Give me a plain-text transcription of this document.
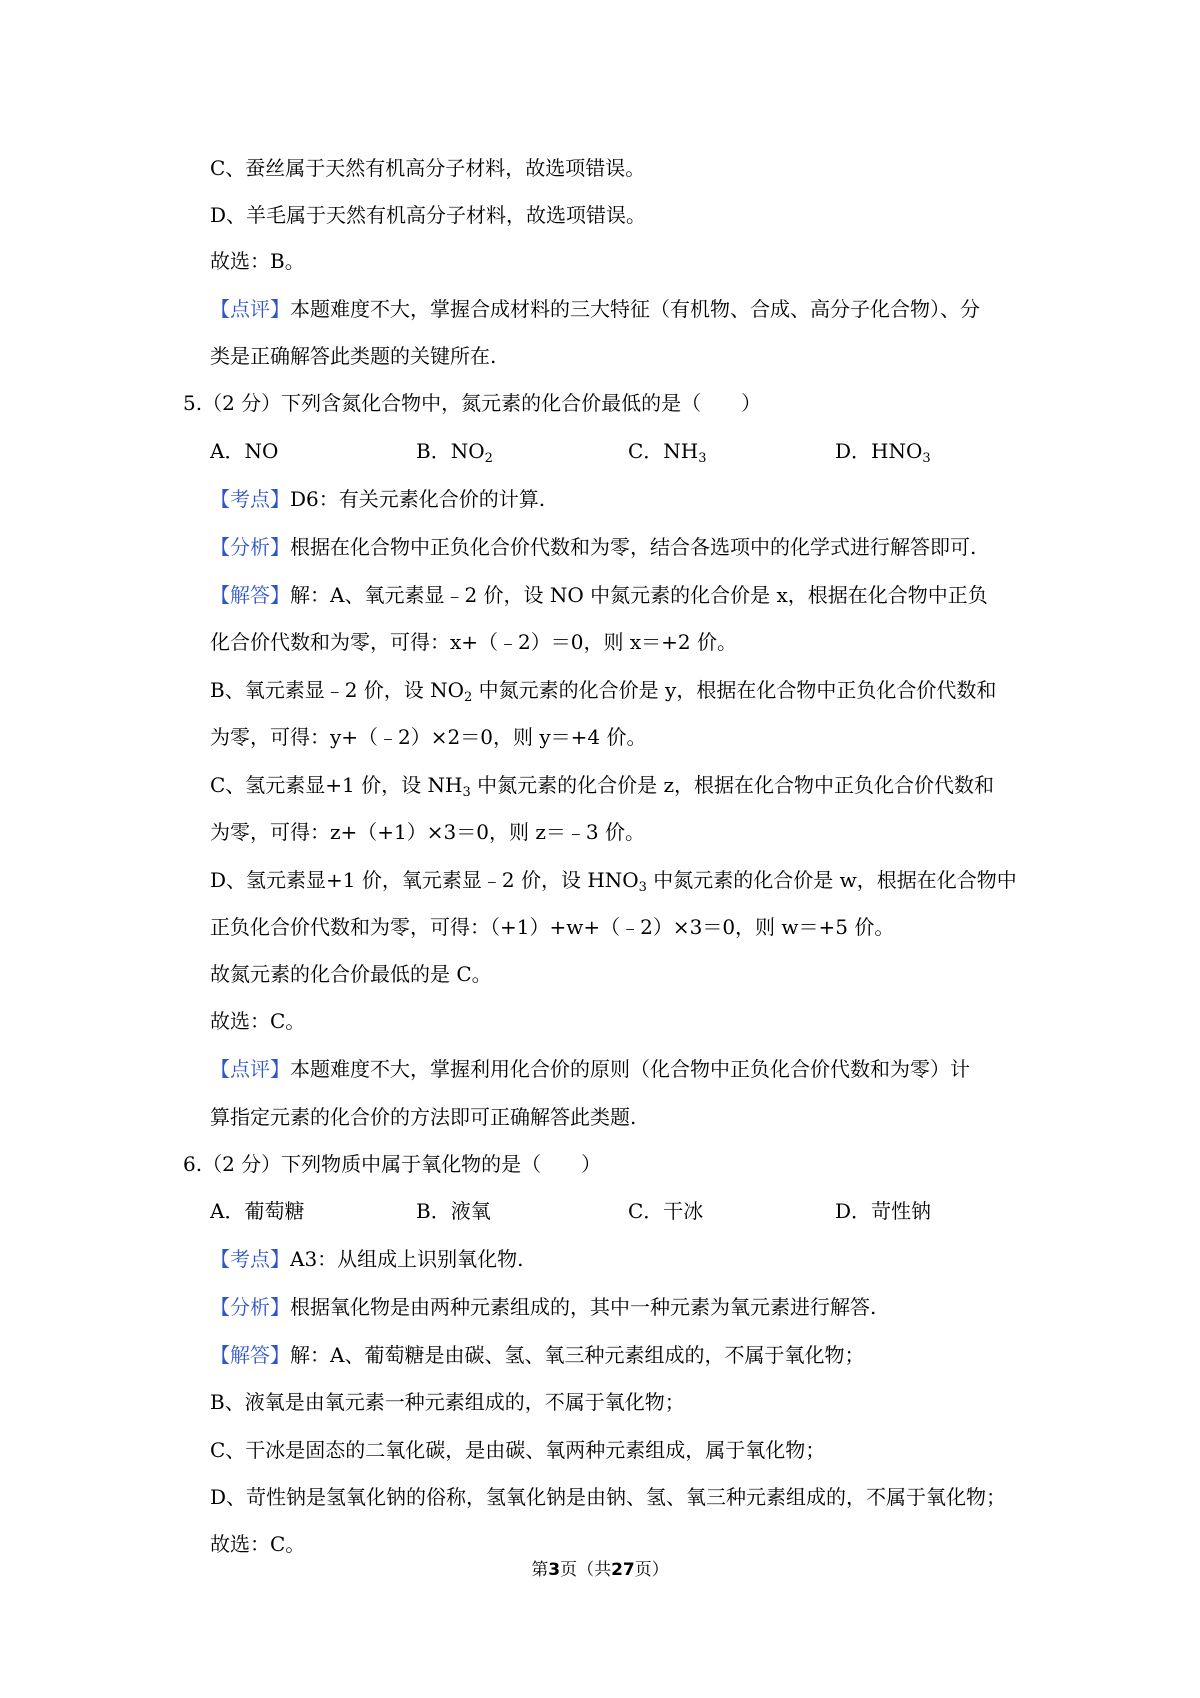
C、蚕丝属于天然有机高分子材料，故选项错误。
D、羊毛属于天然有机高分子材料，故选项错误。
故选：B。
【点评】本题难度不大，掌握合成材料的三大特征（有机物、合成、高分子化合物）、分
类是正确解答此类题的关键所在.
5.（2 分）下列含氮化合物中，氮元素的化合价最低的是（　　）
A．NO	B．$NO_2$	C．$NH_3$	D．$HNO_3$
【考点】D6：有关元素化合价的计算.
【分析】根据在化合物中正负化合价代数和为零，结合各选项中的化学式进行解答即可.
【解答】解：A、氧元素显﹣2 价，设 NO 中氮元素的化合价是 x，根据在化合物中正负
化合价代数和为零，可得：x+（﹣2）＝0，则 x＝+2 价。
B、氧元素显﹣2 价，设 $NO_2$ 中氮元素的化合价是 y，根据在化合物中正负化合价代数和
为零，可得：y+（﹣2）×2＝0，则 y＝+4 价。
C、氢元素显+1 价，设 $NH_3$ 中氮元素的化合价是 z，根据在化合物中正负化合价代数和
为零，可得：z+（+1）×3＝0，则 z＝﹣3 价。
D、氢元素显+1 价，氧元素显﹣2 价，设 $HNO_3$ 中氮元素的化合价是 w，根据在化合物中
正负化合价代数和为零，可得：（+1）+w+（﹣2）×3＝0，则 w＝+5 价。
故氮元素的化合价最低的是 C。
故选：C。
【点评】本题难度不大，掌握利用化合价的原则（化合物中正负化合价代数和为零）计
算指定元素的化合价的方法即可正确解答此类题.
6.（2 分）下列物质中属于氧化物的是（　　）
A．葡萄糖	B．液氧	C．干冰	D．苛性钠
【考点】A3：从组成上识别氧化物.
【分析】根据氧化物是由两种元素组成的，其中一种元素为氧元素进行解答.
【解答】解：A、葡萄糖是由碳、氢、氧三种元素组成的，不属于氧化物；
B、液氧是由氧元素一种元素组成的，不属于氧化物；
C、干冰是固态的二氧化碳，是由碳、氧两种元素组成，属于氧化物；
D、苛性钠是氢氧化钠的俗称，氢氧化钠是由钠、氢、氧三种元素组成的，不属于氧化物；
故选：C。
第3页（共27页）
